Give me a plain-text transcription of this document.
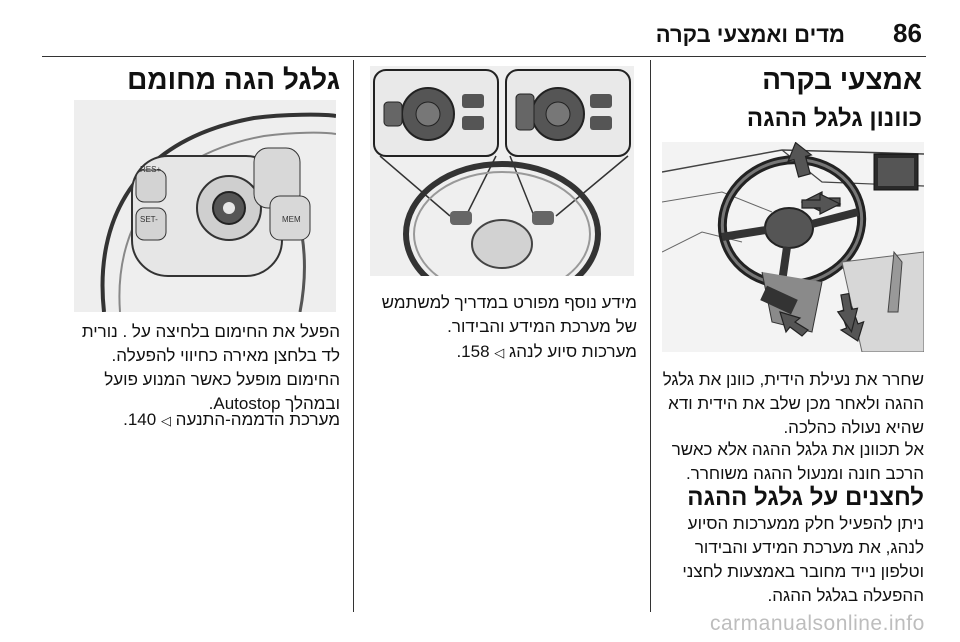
86
מדים ואמצעי בקרה
אמצעי בקרה
כוונון גלגל ההגה
שחרר את נעילת הידית, כוונן את גלגל ההגה ולאחר מכן שלב את הידית ודא שהיא נעולה כהלכה.
אל תכוונן את גלגל ההגה אלא כאשר הרכב חונה ומנעול ההגה משוחרר.
לחצנים על גלגל ההגה
ניתן להפעיל חלק ממערכות הסיוע לנהג, את מערכת המידע והבידור וטלפון נייד מחובר באמצעות לחצני ההפעלה בגלגל ההגה.
מידע נוסף מפורט במדריך למשתמש של מערכת המידע והבידור.
מערכות סיוע לנהג ◁ 158.
גלגל הגה מחומם
RES+
SET-	MEM
הפעל את החימום בלחיצה על . נורית לד בלחצן מאירה כחיווי להפעלה.
החימום מופעל כאשר המנוע פועל ובמהלך Autostop.
מערכת הדממה-התנעה ◁ 140.
carmanualsonline.info
